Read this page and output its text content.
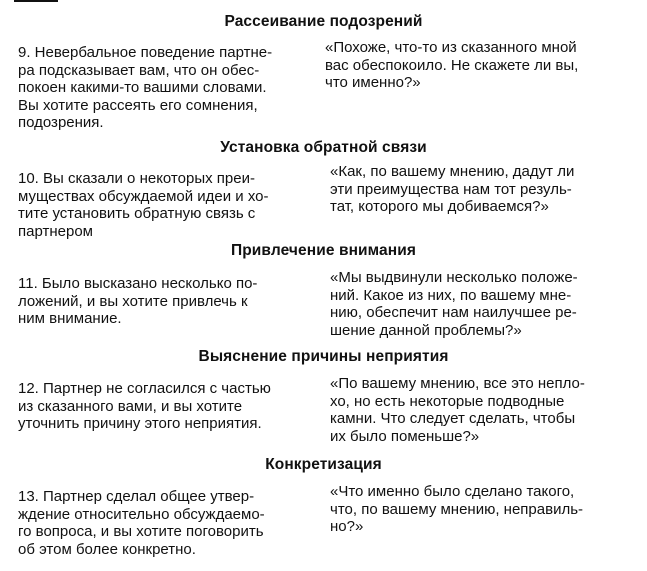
Рассеивание подозрений
9. Невербальное поведение партне-
ра подсказывает вам, что он обес-
покоен какими-то вашими словами.
Вы хотите рассеять его сомнения,
подозрения.
«Похоже, что-то из сказанного мной
вас обеспокоило. Не скажете ли вы,
что именно?»
Установка обратной связи
10. Вы сказали о некоторых преи-
муществах обсуждаемой идеи и хо-
тите установить обратную связь с
партнером
«Как, по вашему мнению, дадут ли
эти преимущества нам тот резуль-
тат, которого мы добиваемся?»
Привлечение внимания
11. Было высказано несколько по-
ложений, и вы хотите привлечь к
ним внимание.
«Мы выдвинули несколько положе-
ний. Какое из них, по вашему мне-
нию, обеспечит нам наилучшее ре-
шение данной проблемы?»
Выяснение причины неприятия
12. Партнер не согласился с частью
из сказанного вами, и вы хотите
уточнить причину этого неприятия.
«По вашему мнению, все это непло-
хо, но есть некоторые подводные
камни. Что следует сделать, чтобы
их было поменьше?»
Конкретизация
13. Партнер сделал общее утвер-
ждение относительно обсуждаемо-
го вопроса, и вы хотите поговорить
об этом более конкретно.
«Что именно было сделано такого,
что, по вашему мнению, неправиль-
но?»
